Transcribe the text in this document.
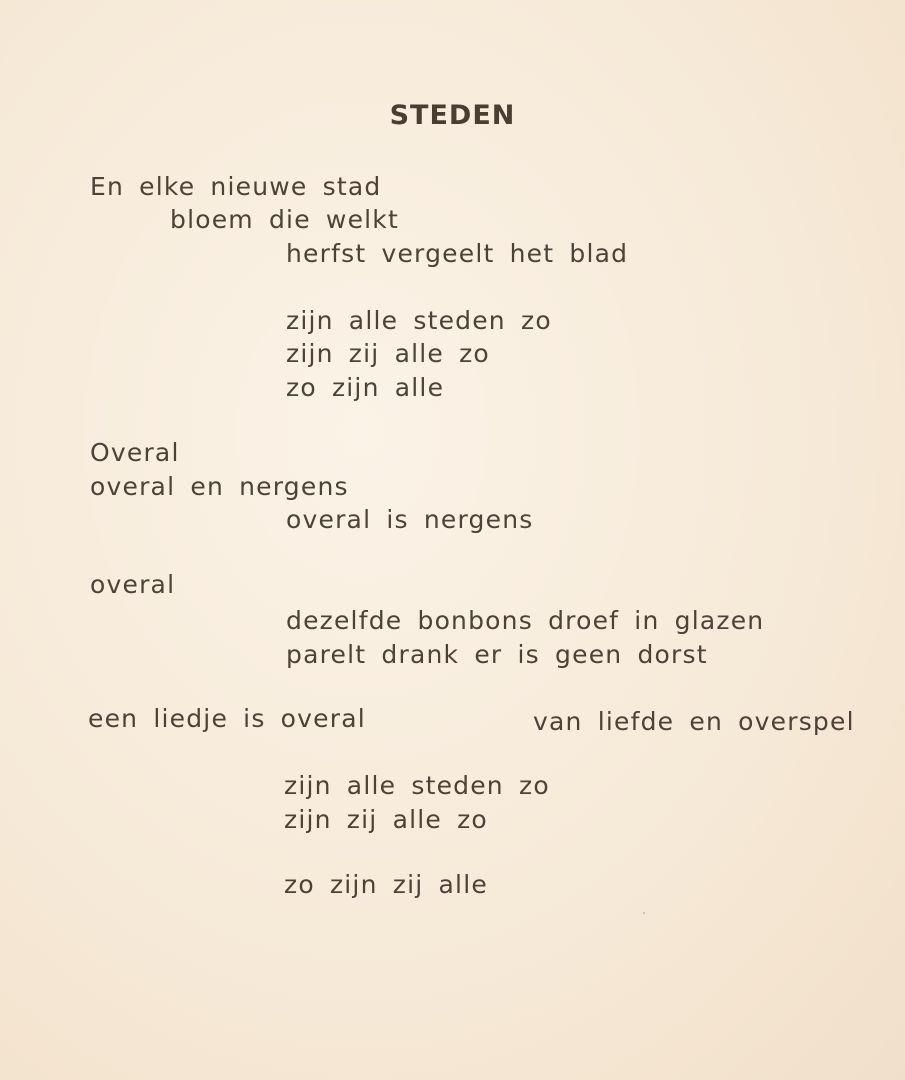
STEDEN
En elke nieuwe stad
bloem die welkt
herfst vergeelt het blad
zijn alle steden zo
zijn zij alle zo
zo zijn alle
Overal
overal en nergens
overal is nergens
overal
dezelfde bonbons droef in glazen
parelt drank er is geen dorst
een liedje is overal	van liefde en overspel
zijn alle steden zo
zijn zij alle zo
zo zijn zij alle
